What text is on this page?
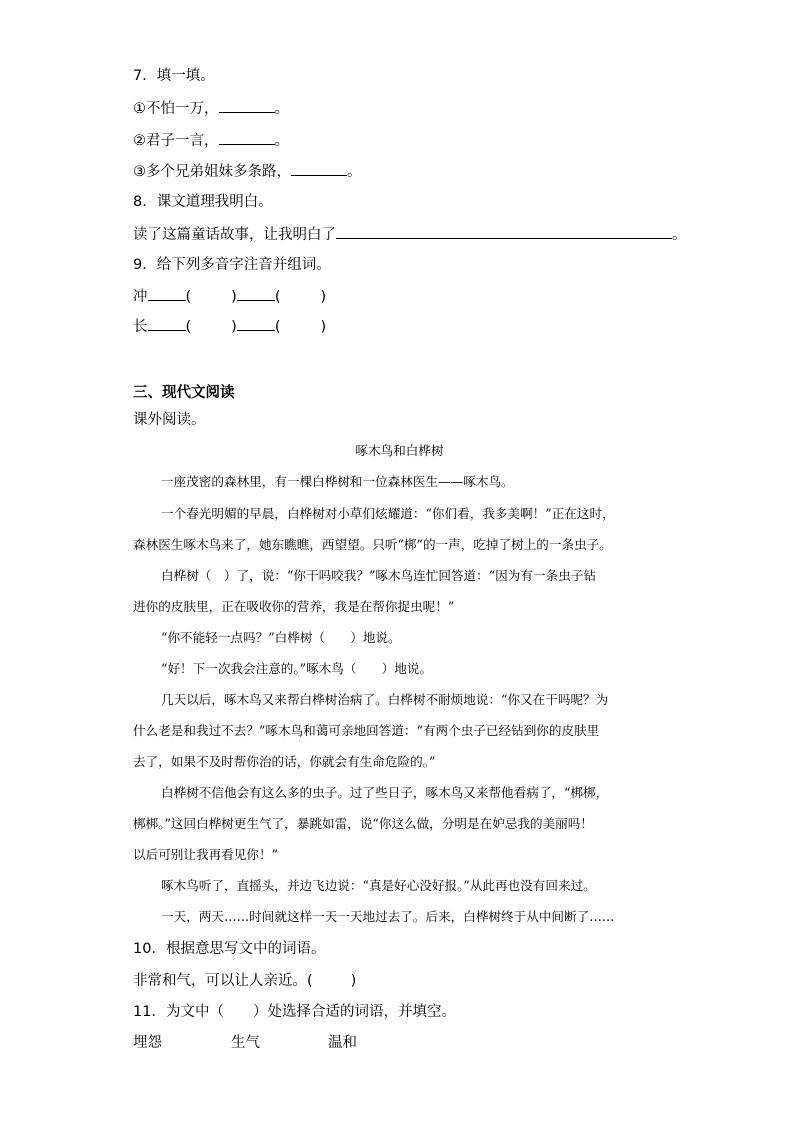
7．填一填。
①不怕一万，	。
②君子一言，	。
③多个兄弟姐妹多条路，	。
8．课文道理我明白。
读了这篇童话故事，让我明白了	。
9．给下列多音字注音并组词。
冲	(	)	(	)
长	(	)	(	)
三、现代文阅读
课外阅读。
啄木鸟和白桦树
一座茂密的森林里，有一棵白桦树和一位森林医生——啄木鸟。
一个春光明媚的早晨，白桦树对小草们炫耀道：“你们看，我多美啊！”正在这时，
森林医生啄木鸟来了，她东瞧瞧，西望望。只听“梆”的一声，吃掉了树上的一条虫子。
白桦树（　）了，说：“你干吗咬我？”啄木鸟连忙回答道：“因为有一条虫子钻
进你的皮肤里，正在吸收你的营养，我是在帮你捉虫呢！”
“你不能轻一点吗？”白桦树（　　）地说。
“好！下一次我会注意的。”啄木鸟（　　）地说。
几天以后，啄木鸟又来帮白桦树治病了。白桦树不耐烦地说：“你又在干吗呢？为
什么老是和我过不去？”啄木鸟和蔼可亲地回答道：“有两个虫子已经钻到你的皮肤里
去了，如果不及时帮你治的话，你就会有生命危险的。”
白桦树不信他会有这么多的虫子。过了些日子，啄木鸟又来帮他看病了，“梆梆，
梆梆。”这回白桦树更生气了，暴跳如雷，说“你这么做，分明是在妒忌我的美丽吗！
以后可别让我再看见你！”
啄木鸟听了，直摇头，并边飞边说：“真是好心没好报。”从此再也没有回来过。
一天，两天……时间就这样一天一天地过去了。后来，白桦树终于从中间断了……
10．根据意思写文中的词语。
非常和气，可以让人亲近。(	)
11．为文中（　　）处选择合适的词语，并填空。
埋怨	生气	温和
